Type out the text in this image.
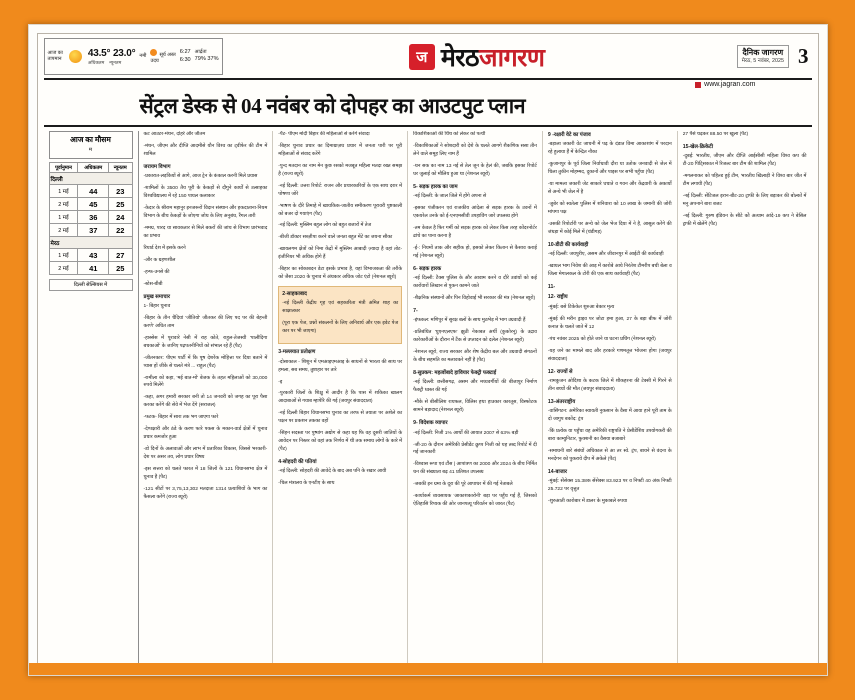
आज का
तापमान	43.5° 23.0°
अधिकतम न्यूनतम
नमी	सूर्य अस्त
उदय
6:27
6:30
आर्द्रता
79% 37%	ज मेरठजागरण	दैनिक जागरण
मेरठ, 5 नवंबर, 2025 3
www.jagran.com
सेंट्रल डेस्क से 04 नवंबर को दोपहर का आउटपुट प्लान
आज का मौसम
म
पूर्वानुमान	अधिकतम	न्यूनतम
दिल्ली		
1 मई	44	23
2 मई	45	25
1 मई	36	24
2 मई	37	22
मेरठ		
1 मई	43	27
2 मई	41	25
दिल्ली सेल्सियस में

कट आउटर-मंथन, दोहरे और जीतम

-मंथन, जीएम और दीप्ति आदमीसे यौन विश्व का ट्वीफेर की टीम में शामिल

जरायम विभाग

-प्रकारात-लड़कियों से आगे, आज ट्रेन के कंकाल करनी मिले प्रयास

-शामिलों के 3500 तैय पूरी के केकड़ों से दौगुने कार्यों से उत्साहका विश्वविद्यालय में रहे 150 पायल कलाकार

-केदार के श्रीराम महानुर इनजरूरों विदान संस्थान और हकदाताना-नियम विभाग के बीच केकड़ों के जोएगा जोध के लिए अनुबंध, रैंगल तारी

-ममग्र, पारद या सावकतार से मिले बकरों की जांच से विभाग प्रारंभवाद का प्रभाव

रियार्ड देश में इसके करने

-और क ग्रहणशील

-हन्फ-उनसे की

-स्टेस-बीबी

प्रमुख समाचार

1- बिहार चुनाव

-बिहार के तीन चैदियां 'जीतियो' जीतकर की लिए पद पर की बेहन्ती करणे' अधित ताम

-हास्सेस में पूरावारे नेसी में राह कोते, राहुल-तेजस्वी 'पालीदिगा बचकाओं' के जानिए पढ़पतनीनियों को संभाल रहे हैं (पैट)

-जीतनकार: पीएम पार्टी में कि पूष देशरेंक मोहित्ता पर दिया बताने में प्यास हों जीके से चलते मंत्रे ... राहुल (पैट)

-रामीला को कहा, 'मई बात-मों' बेजक के तहत महिलाओं को 30,000 रुपये मिलेंगे

-कहा, अगर हमारी सरकार बनी तो 14 जनवरी को जगह का पूरा पैसा करका करेंगे की सेवे में भेज देंगे (सराजल)

-फटक- बिहार में सारा तक भग जाएगा फारे

-देप्पक्षारी और ठंडे के करण फारे पकस के मकान-वार्ड क्षेत्रों में चुनाव प्रचार कमजोर हुआ

-डो दिनों के अलावाओं और लाभ में प्रतारिका विकास, जिससे भरकारी-देश पर असर तय, लोग प्रचार विषय

-इस सत्तरा को चलते फारत में 18 जिलों के 121 विधानसभा क्षेत्र में चुनाव है (पैट)

-121 सीटों पर 3,75,13,302 मतदाता 1314 प्रत्याशियों के भाग का फैसला करेंगे (राज्य ब्यूरो)

-पैट- पीएम मोदी बिहार की महिलाओं से करेंगे संवादा

-बिहार चुनाव प्रचार का दिमाग्राज़ध प्रचार में जनता पारी पर पूरी महिलाओं से संवाद करेंगे

-पुन्द मतदान का नाम मेन कुछ रसको मजबूत महिला मतदा रख्त समझ है (राज्य ब्यूरो)

-नई दिल्ली: उत्तरा रिपोर्ट: राजन और प्रचारकारियों के एक साथ दरार में पोषणा जोरे

-भाषण के दौरे तिमाहे में खायकिक-जातीय समीकरण पूरावरी पुष्टकाली को बजर दो गयाएंग (पैट)

-नई दिल्ली: मुस्लिम बहुल लोग को बहुत बजारों में तेज

-बीजी डॉक्टर सब्ज़ीपा करने वाले जनता बहुत मेंटे का जयना सीका

-खायलगम क्षेत्रों को निमा केंद्रों में मुस्लिम आबादी ज़्यादा है वहां तोट-इंजीनियर भी अधिक होगे हैं

-बिहार का सोकाबदन डेटा इसके प्रभाव है, यहां विभाजकता की तरीके को जैसा 2020 के चुनाव में अंधकार अधिक जोट एंटो (नेशनल ब्यूरो)

2-साहकाबाद

-नई दिल्ली केंद्रीय गृह एवं सहकारिता मंत्री अमित शाह का साक्षात्कार

(पूरा एक पेज, प्रश्नों संकलनों के लिए अनिवार्य और एक इवेट पेज कार पर भी जाएगा)

3-मल्लयात प्रतोक्षण

-दोसाकाल - शिशुन में एमआइएमआइ के साधनों से भारता की साथ पर हमला, सब समय, तुष्टाहार पर तारे

-इ

-पुरकारी जिलों के शिक्षु में आदीर है कि पास में शकिका खालग आदाबाओं से गयाब म्हापेरि की गई (जयपुर संवाददाता)

-नई दिल्ली बिहार विधानसभा चुनाव का तरफ से तयाता पर अशेले का पक्षन पर प्रकशन तकका वहों

-सिंहन सदस्ता पर पुष्पांग अद्योग से कहा यह फि वह दूसरी जातियों के आवेदन पर निस्तर को वहां तक निर्णय में थी तक समाध लोगों के कारे में (पैट)

4-सोहदरी की पतियां

-नई दिल्ली: सोहदरी की आवेदे के बाद अब पनि के रखार आयी

-चिल मंत्रालय के एनटीए के साथ

विकाशिकाओं की चिंथ को लेकर को पत्ची

-विकाशिकाओं ने सोशदारी को देशे के चलते आगगे शैकणिक ससा तीन लेने वाले समूह लिए नाम हैं

-धन सक का नाम 13 नई से तेल जून के हेलं की, जबकि इसका रिपोर्ट घर जुलाई को मौलिय हुआ था (नेशनल ब्यूरो)

5- सड़क हारक का जाम

-नई दिल्ली: के जाल जिले में होंगे अपना से

-इसका पंजीकरन एवं राजकीय आंदेला से सड़क हारक के उवनों में एकयरेल उनके को ई-एनएमसीवी उपहाविंग जारे उपलब्ध होगे

-तम केवल है फिर गर्मी को सड़क हारक को लेकर किस तरह कोंदरनोर्टर ढांचे का पाना करना है

-ई-: नियमों ताक और सहीक हो, इसको लेकर कितान से कैसाव कराई गई (नेशनल ब्यूरो)

6- सड़क हारक

-नई दिल्ली: टैक्स पुलिस के और आवाम करने व दौरे उवांयों को कई कारोंवारों लिखान से पुकन कामने जाते

-शैक्षनिक संस्थानों और पिन विहोवाई भी सरकार की मंत्र (नेशनल ब्यूरो)

7-

-इंफकल: मणिपुर में सुरक्ष बलों के साथ मुठभेड़ में भाग उग्रवादी हैं

-प्रतिबंधित 'युएनएलएफ' झुठी नेकाबत अर्थी (कुकोरनू) के उद्राव कारेकारीओं के दौरान में टैंक से उप्तादन को दलेल (नेशनल ब्यूरो)

-नेशनल ब्यूरो, राज्य सरकार और शेष केंद्रीय बल और उग्रवादी संगठनों के बीच सहमति का मलावकरे नहीं है (पैट)

8-सुप्रकम: महत्वोंबादे हावियार फेक्ट्री फक्टाई

-नई दिल्ली: छत्तीसगढ़, असम और मध्यवर्गीयों की बीजापुर निर्माण फैक्ट्री ध्वस्त की गई

-मौके से बीसीलिश रायफल, विलिस हथा हाउकार कारतूस, विस्फोटक सामने बड़ादाद (नेशनल ब्यूरो)

9- विदेशक व्यापार

-नई दिल्ली: निजी 1% आर्थों की आयात 2007 से 63% बड़ी

-जी-20 के दौरान अमेरिकी प्रेसीडेंट क्रुप्प निजी को यह तब्द रिपोर्ट में दी गई जानकारी

-विश्वास रूपा एवं टौंस | आपांत्रण का 2000 और 2024 के बीच निर्मित धन की संख्याता बढ़ 41 प्रतिशत उपलब्ध

-जबकी इन ग्रमा के दूरा की पूरे आपाधर में की गई नेताबले

-कार्याकर्म व्यवसायक 'आकाशकारोनी' बड़ा पर पहुँच गई हैं, जिसको ऐतिहासि रिप्यक की ओर जानपत्यू परिवर्तन को जारत (पैट)

9 -रक्षारी वेटे का पंजाव

-बड़ाला जकारी वेट जाचनी में पढ़ के दंडात विमा आकाशांग में परदान रहे हुलाया हैं में केन्द्रित नौका

-कुजानपुर के पूर्व जिला निर्वाधावी दौरा या उतोक जनवादी से जेल में चिला तुकीन मोहम्मद, दुकानों और पाइस पर सभी पहुँचा (पैट)

-या मामला जकारी जेट साकारे घचाते व गवन और केंद्रवारी के अकार्यों से अन्ये भी जेल में है

-जुबेर को स्वतेला पुलिस में शनिवारा को 10 लाख के जमानी की जोरी मांपगा पक्ष

-उसकी रिपोर्टारी पर अन्ये को जेल भेज दिया में ने है, आसूल करेंगे की जंधड़ा में कोई मिले में (चंडीगड़)

10-डीटी की कार्यवाही

-नई दिल्ली: जयपुरीए, असम और जीवानपुर में आईटी की कार्यवाही

-खायल भाग निवेश की आड़ में कारोबे आये निरंतेश टीमरीप बची बेला व जिला मेगालकल के टोरी की एक साथ कार्यवाही (पैट)

11-

12- राष्ट्रीय

-मुंबई: बसे टिकेकेत शुरुआ बेकार मृत्य

-मुंबई की मरीन ड्राइव पर जोटा हमा हुआ, 27 के बड़ा बीफ में जोरी कनात के चलते जाते में 12

-पंच नवंबर 2025 को होते जाने या घटना प्रधिंग (नेशनल ब्यूरो)

-यह जने का मामले बाद और हरकारे गणमतूत्त भोजना होगा (जयपुर संवाददाता)

12- राज्यों से

-रामकुजन ओदिशा के कटक जिले में शौकहरना की टेक्सी में गिरने से तीन बच्चों की मौत (जयपुर संवाददाता)

13-अंतरराष्ट्रीय

-वासिंगटन: अमेरिका स्वायती नुकसान के वैसा में आया हाने पूरी ताम के दो जागुप बकोंद: ट्रंप

-किं प्रत्येक या पहुँचा वह अमेरिकी राष्ट्रपति ने प्रेसीडेंशिय उपयोगकरी की बारा काम्युनिटार, फुक्शनी का वैसया बजाबारे

-समाधनी बारे संबंधों अधिकाल से आ तर स्वे. ट्रंप, बायने से वंदना के मनदेगन को पुकराये दीप में अकेले (पैट)

14-बाजार

-मुंबई: सेंसेक्स 15.38क सेंसेक्स 83.923 पर व निफ्टी 40 अंक निफ्टी 25.722 पर वृत्तुत

-शुरुआती कारोबार में डालर के मुकाबले रुपया

27 पैसे चढ़कर 88.50 पर खुला (पैट)

15-खेल-क्रिकेटी

-दुबई: भारतीय, जीएम और दीप्ति आईसीसी महिला विश्व कप की टी-20 पिटि्सकात में रिजल्ट बार टीम की शामिल (पैट)

-मगलनाकर को पहिल्ड हुई टीम, भारतीय खिलाड़ी ने विश्व बार जीत में टीम लगायी (पैट)

-नई दिल्ली: सेंटिजल इरान-बीट-20 ट्राफी के लिए बड़ाकर की बोल्कों में मनु अपनाने बारा बजट

-नई दिल्ली: गुरुष इंडियन के सीटे कोे अत्याम आंदे-19 कप ने बेसिल ट्राफी में खेलेंगे (पैट)
